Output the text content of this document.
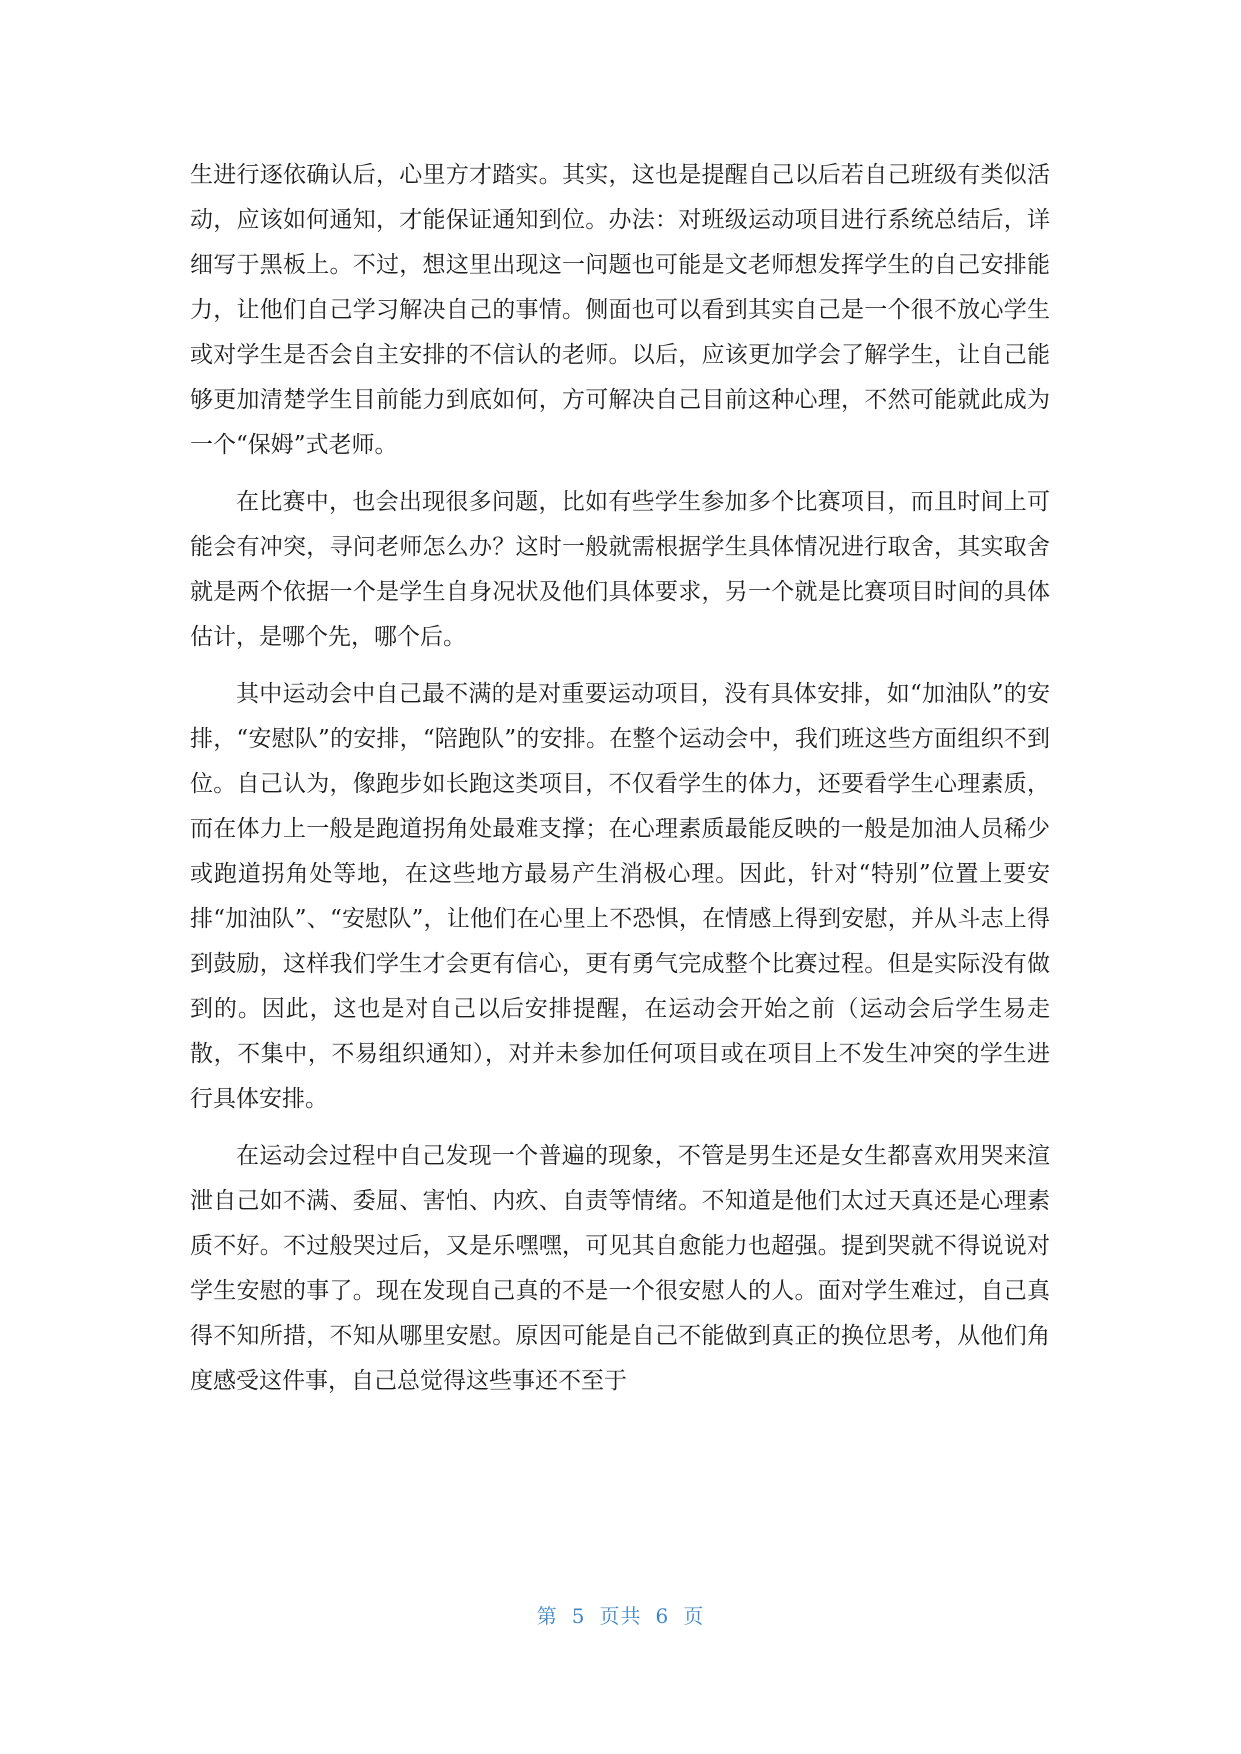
生进行逐依确认后，心里方才踏实。其实，这也是提醒自己以后若自己班级有类似活动，应该如何通知，才能保证通知到位。办法：对班级运动项目进行系统总结后，详细写于黑板上。不过，想这里出现这一问题也可能是文老师想发挥学生的自己安排能力，让他们自己学习解决自己的事情。侧面也可以看到其实自己是一个很不放心学生或对学生是否会自主安排的不信认的老师。以后，应该更加学会了解学生，让自己能够更加清楚学生目前能力到底如何，方可解决自己目前这种心理，不然可能就此成为一个“保姆”式老师。

在比赛中，也会出现很多问题，比如有些学生参加多个比赛项目，而且时间上可能会有冲突，寻问老师怎么办？这时一般就需根据学生具体情况进行取舍，其实取舍就是两个依据一个是学生自身况状及他们具体要求，另一个就是比赛项目时间的具体估计，是哪个先，哪个后。

其中运动会中自己最不满的是对重要运动项目，没有具体安排，如“加油队”的安排，“安慰队”的安排，“陪跑队”的安排。在整个运动会中，我们班这些方面组织不到位。自己认为，像跑步如长跑这类项目，不仅看学生的体力，还要看学生心理素质，而在体力上一般是跑道拐角处最难支撑；在心理素质最能反映的一般是加油人员稀少或跑道拐角处等地，在这些地方最易产生消极心理。因此，针对“特别”位置上要安排“加油队”、“安慰队”，让他们在心里上不恐惧，在情感上得到安慰，并从斗志上得到鼓励，这样我们学生才会更有信心，更有勇气完成整个比赛过程。但是实际没有做到的。因此，这也是对自己以后安排提醒，在运动会开始之前（运动会后学生易走散，不集中，不易组织通知），对并未参加任何项目或在项目上不发生冲突的学生进行具体安排。

在运动会过程中自己发现一个普遍的现象，不管是男生还是女生都喜欢用哭来渲泄自己如不满、委屈、害怕、内疚、自责等情绪。不知道是他们太过天真还是心理素质不好。不过般哭过后，又是乐嘿嘿，可见其自愈能力也超强。提到哭就不得说说对学生安慰的事了。现在发现自己真的不是一个很安慰人的人。面对学生难过，自己真得不知所措，不知从哪里安慰。原因可能是自己不能做到真正的换位思考，从他们角度感受这件事，自己总觉得这些事还不至于

第 5 页共 6 页
